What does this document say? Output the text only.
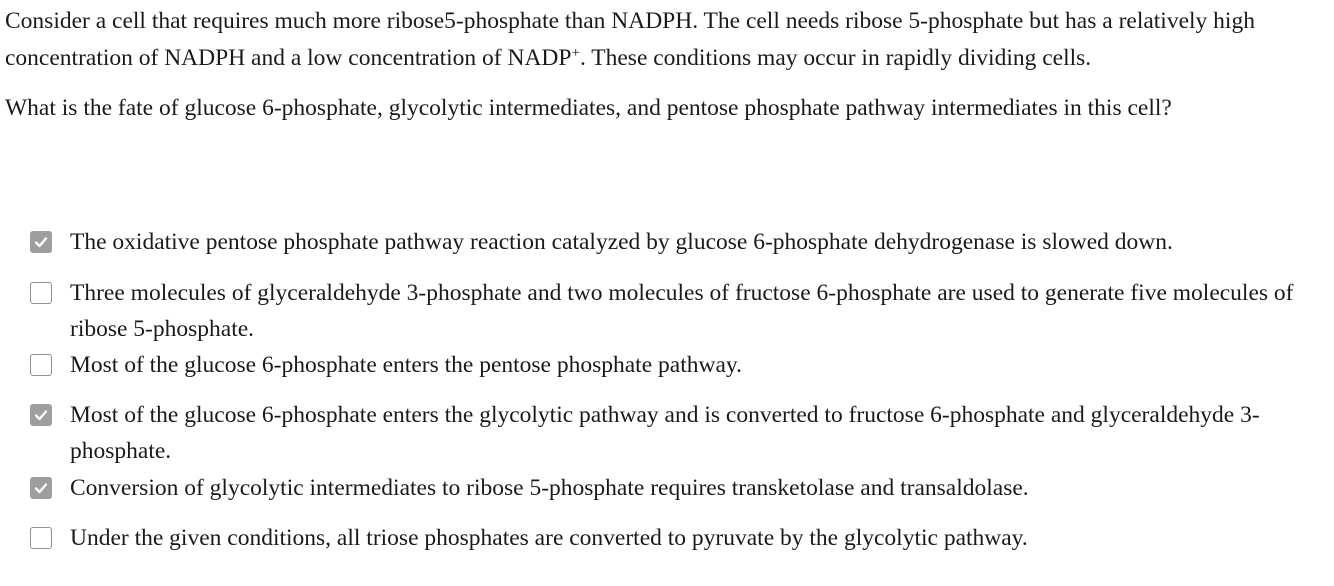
Consider a cell that requires much more ribose5-phosphate than NADPH. The cell needs ribose 5-phosphate but has a relatively high concentration of NADPH and a low concentration of NADP+. These conditions may occur in rapidly dividing cells.

What is the fate of glucose 6-phosphate, glycolytic intermediates, and pentose phosphate pathway intermediates in this cell?

The oxidative pentose phosphate pathway reaction catalyzed by glucose 6-phosphate dehydrogenase is slowed down.
Three molecules of glyceraldehyde 3-phosphate and two molecules of fructose 6-phosphate are used to generate five molecules of ribose 5-phosphate.
Most of the glucose 6-phosphate enters the pentose phosphate pathway.
Most of the glucose 6-phosphate enters the glycolytic pathway and is converted to fructose 6-phosphate and glyceraldehyde 3-phosphate.
Conversion of glycolytic intermediates to ribose 5-phosphate requires transketolase and transaldolase.
Under the given conditions, all triose phosphates are converted to pyruvate by the glycolytic pathway.
